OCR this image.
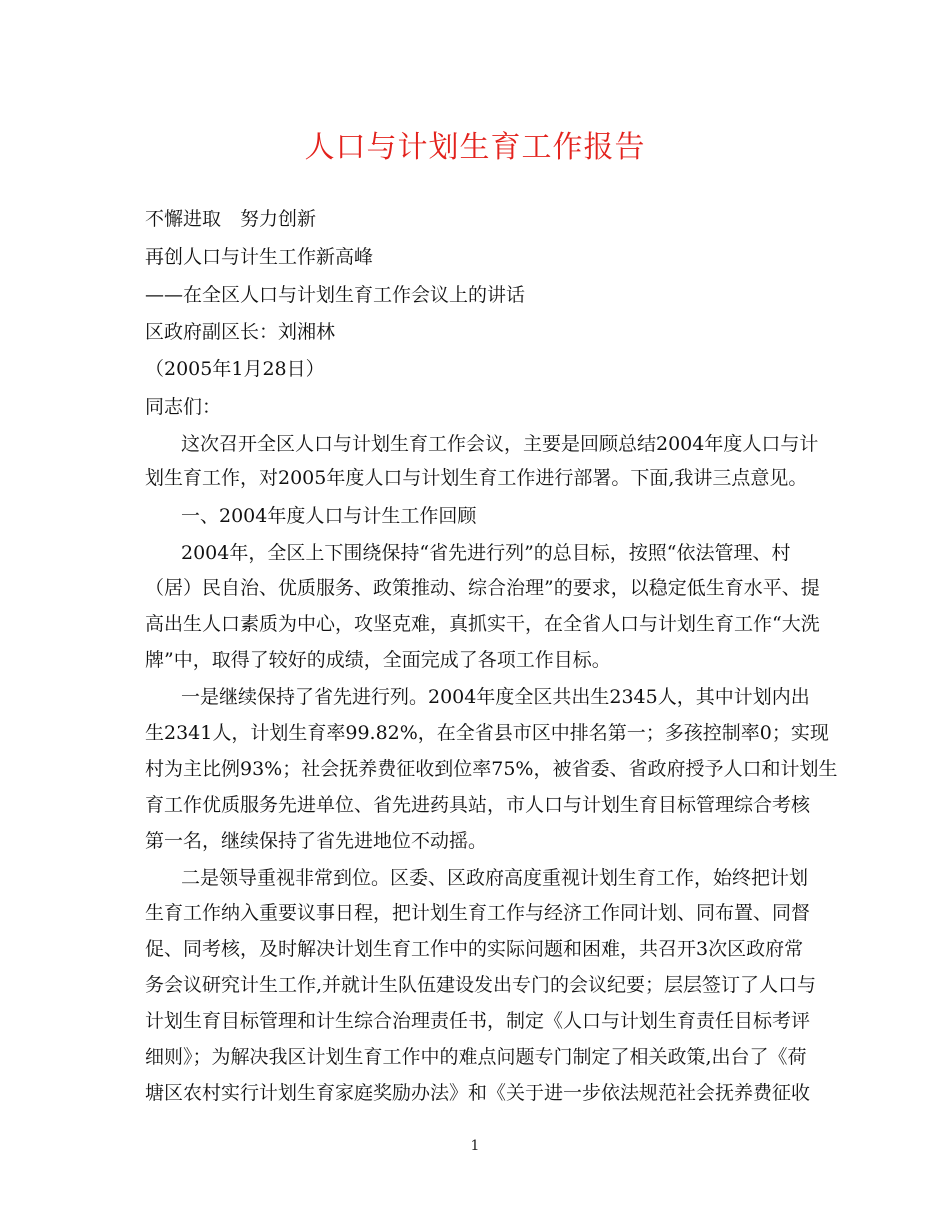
人口与计划生育工作报告
不懈进取　努力创新
再创人口与计生工作新高峰
——在全区人口与计划生育工作会议上的讲话
区政府副区长：刘湘林
（2005年1月28日）
同志们：
这次召开全区人口与计划生育工作会议，主要是回顾总结2004年度人口与计
划生育工作，对2005年度人口与计划生育工作进行部署。下面,我讲三点意见。
一、2004年度人口与计生工作回顾
2004年，全区上下围绕保持“省先进行列”的总目标，按照“依法管理、村
（居）民自治、优质服务、政策推动、综合治理”的要求，以稳定低生育水平、提
高出生人口素质为中心，攻坚克难，真抓实干，在全省人口与计划生育工作“大洗
牌”中，取得了较好的成绩，全面完成了各项工作目标。
一是继续保持了省先进行列。2004年度全区共出生2345人，其中计划内出
生2341人，计划生育率99.82%，在全省县市区中排名第一；多孩控制率0；实现
村为主比例93%；社会抚养费征收到位率75%，被省委、省政府授予人口和计划生
育工作优质服务先进单位、省先进药具站，市人口与计划生育目标管理综合考核
第一名，继续保持了省先进地位不动摇。
二是领导重视非常到位。区委、区政府高度重视计划生育工作，始终把计划
生育工作纳入重要议事日程，把计划生育工作与经济工作同计划、同布置、同督
促、同考核，及时解决计划生育工作中的实际问题和困难，共召开3次区政府常
务会议研究计生工作,并就计生队伍建设发出专门的会议纪要；层层签订了人口与
计划生育目标管理和计生综合治理责任书，制定《人口与计划生育责任目标考评
细则》；为解决我区计划生育工作中的难点问题专门制定了相关政策,出台了《荷
塘区农村实行计划生育家庭奖励办法》和《关于进一步依法规范社会抚养费征收
1
